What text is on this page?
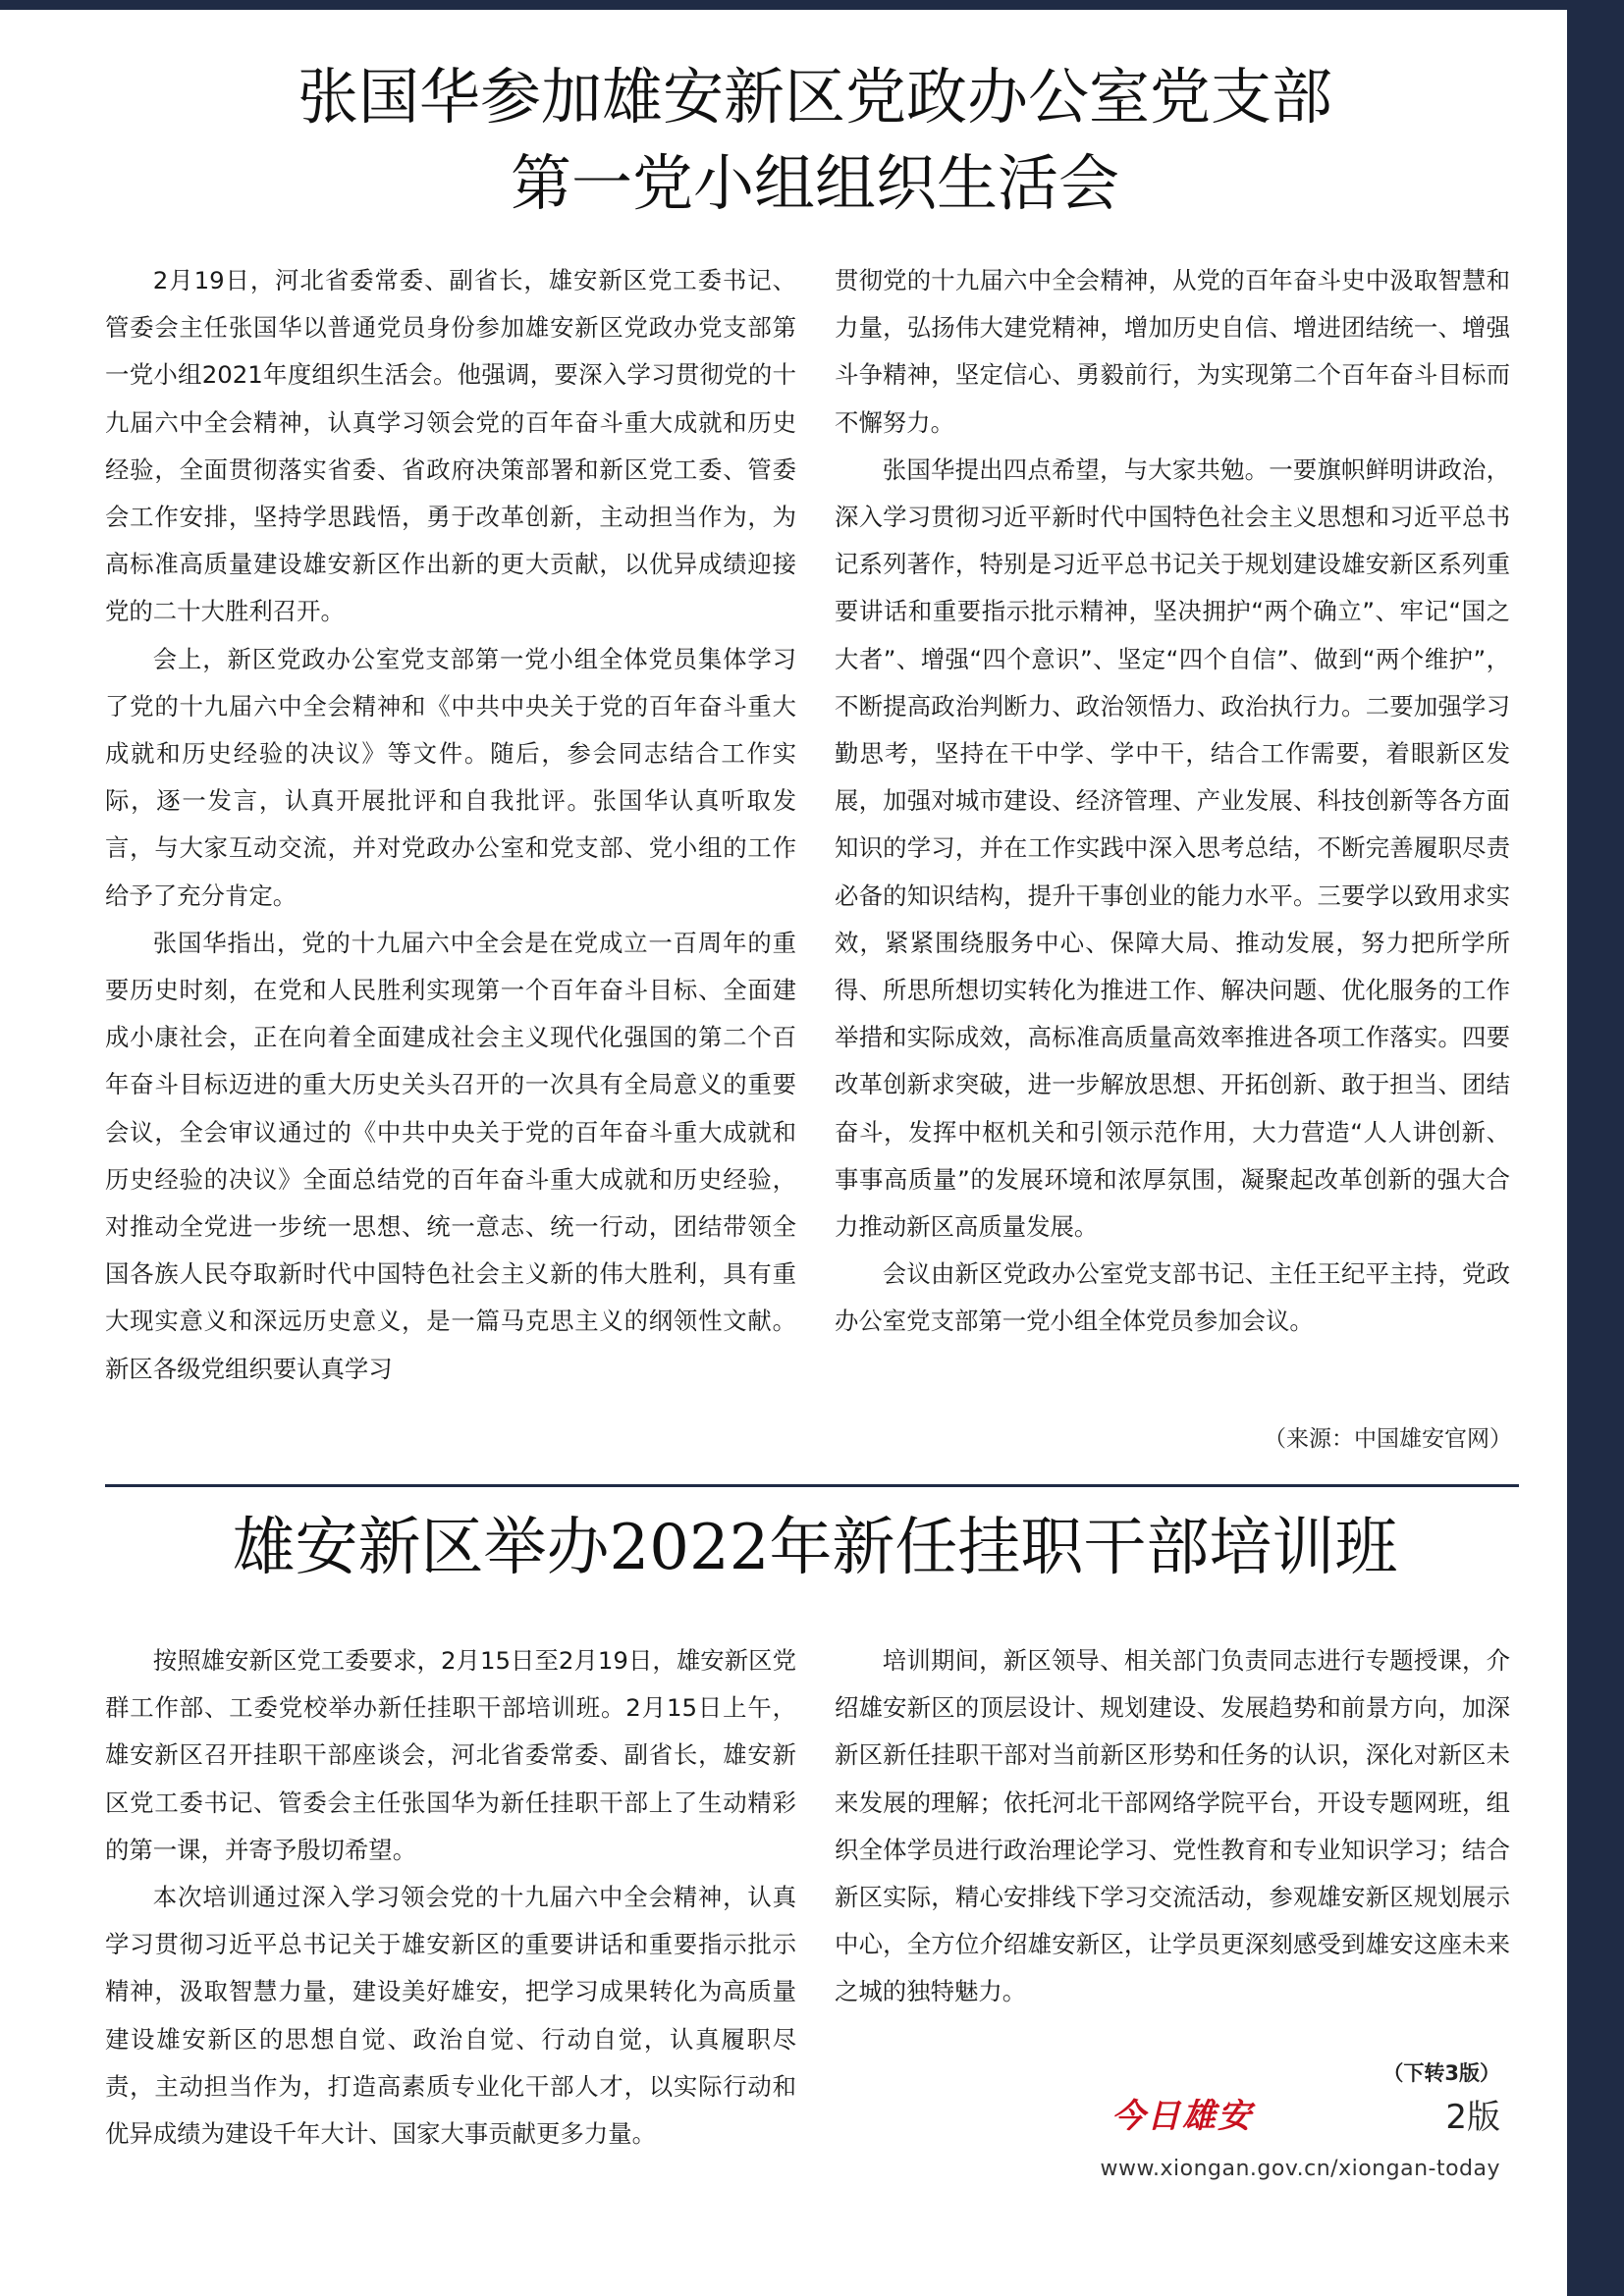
张国华参加雄安新区党政办公室党支部
第一党小组组织生活会

2月19日，河北省委常委、副省长，雄安新区党工委书记、管委会主任张国华以普通党员身份参加雄安新区党政办党支部第一党小组2021年度组织生活会。他强调，要深入学习贯彻党的十九届六中全会精神，认真学习领会党的百年奋斗重大成就和历史经验，全面贯彻落实省委、省政府决策部署和新区党工委、管委会工作安排，坚持学思践悟，勇于改革创新，主动担当作为，为高标准高质量建设雄安新区作出新的更大贡献，以优异成绩迎接党的二十大胜利召开。

会上，新区党政办公室党支部第一党小组全体党员集体学习了党的十九届六中全会精神和《中共中央关于党的百年奋斗重大成就和历史经验的决议》等文件。随后，参会同志结合工作实际，逐一发言，认真开展批评和自我批评。张国华认真听取发言，与大家互动交流，并对党政办公室和党支部、党小组的工作给予了充分肯定。

张国华指出，党的十九届六中全会是在党成立一百周年的重要历史时刻，在党和人民胜利实现第一个百年奋斗目标、全面建成小康社会，正在向着全面建成社会主义现代化强国的第二个百年奋斗目标迈进的重大历史关头召开的一次具有全局意义的重要会议，全会审议通过的《中共中央关于党的百年奋斗重大成就和历史经验的决议》全面总结党的百年奋斗重大成就和历史经验，对推动全党进一步统一思想、统一意志、统一行动，团结带领全国各族人民夺取新时代中国特色社会主义新的伟大胜利，具有重大现实意义和深远历史意义，是一篇马克思主义的纲领性文献。新区各级党组织要认真学习

贯彻党的十九届六中全会精神，从党的百年奋斗史中汲取智慧和力量，弘扬伟大建党精神，增加历史自信、增进团结统一、增强斗争精神，坚定信心、勇毅前行，为实现第二个百年奋斗目标而不懈努力。

张国华提出四点希望，与大家共勉。一要旗帜鲜明讲政治，深入学习贯彻习近平新时代中国特色社会主义思想和习近平总书记系列著作，特别是习近平总书记关于规划建设雄安新区系列重要讲话和重要指示批示精神，坚决拥护“两个确立”、牢记“国之大者”、增强“四个意识”、坚定“四个自信”、做到“两个维护”，不断提高政治判断力、政治领悟力、政治执行力。二要加强学习勤思考，坚持在干中学、学中干，结合工作需要，着眼新区发展，加强对城市建设、经济管理、产业发展、科技创新等各方面知识的学习，并在工作实践中深入思考总结，不断完善履职尽责必备的知识结构，提升干事创业的能力水平。三要学以致用求实效，紧紧围绕服务中心、保障大局、推动发展，努力把所学所得、所思所想切实转化为推进工作、解决问题、优化服务的工作举措和实际成效，高标准高质量高效率推进各项工作落实。四要改革创新求突破，进一步解放思想、开拓创新、敢于担当、团结奋斗，发挥中枢机关和引领示范作用，大力营造“人人讲创新、事事高质量”的发展环境和浓厚氛围，凝聚起改革创新的强大合力推动新区高质量发展。

会议由新区党政办公室党支部书记、主任王纪平主持，党政办公室党支部第一党小组全体党员参加会议。

（来源：中国雄安官网）
雄安新区举办2022年新任挂职干部培训班

按照雄安新区党工委要求，2月15日至2月19日，雄安新区党群工作部、工委党校举办新任挂职干部培训班。2月15日上午，雄安新区召开挂职干部座谈会，河北省委常委、副省长，雄安新区党工委书记、管委会主任张国华为新任挂职干部上了生动精彩的第一课，并寄予殷切希望。

本次培训通过深入学习领会党的十九届六中全会精神，认真学习贯彻习近平总书记关于雄安新区的重要讲话和重要指示批示精神，汲取智慧力量，建设美好雄安，把学习成果转化为高质量建设雄安新区的思想自觉、政治自觉、行动自觉，认真履职尽责，主动担当作为，打造高素质专业化干部人才，以实际行动和优异成绩为建设千年大计、国家大事贡献更多力量。

培训期间，新区领导、相关部门负责同志进行专题授课，介绍雄安新区的顶层设计、规划建设、发展趋势和前景方向，加深新区新任挂职干部对当前新区形势和任务的认识，深化对新区未来发展的理解；依托河北干部网络学院平台，开设专题网班，组织全体学员进行政治理论学习、党性教育和专业知识学习；结合新区实际，精心安排线下学习交流活动，参观雄安新区规划展示中心，全方位介绍雄安新区，让学员更深刻感受到雄安这座未来之城的独特魅力。

（下转3版）
今日雄安	2版
www.xiongan.gov.cn/xiongan-today
